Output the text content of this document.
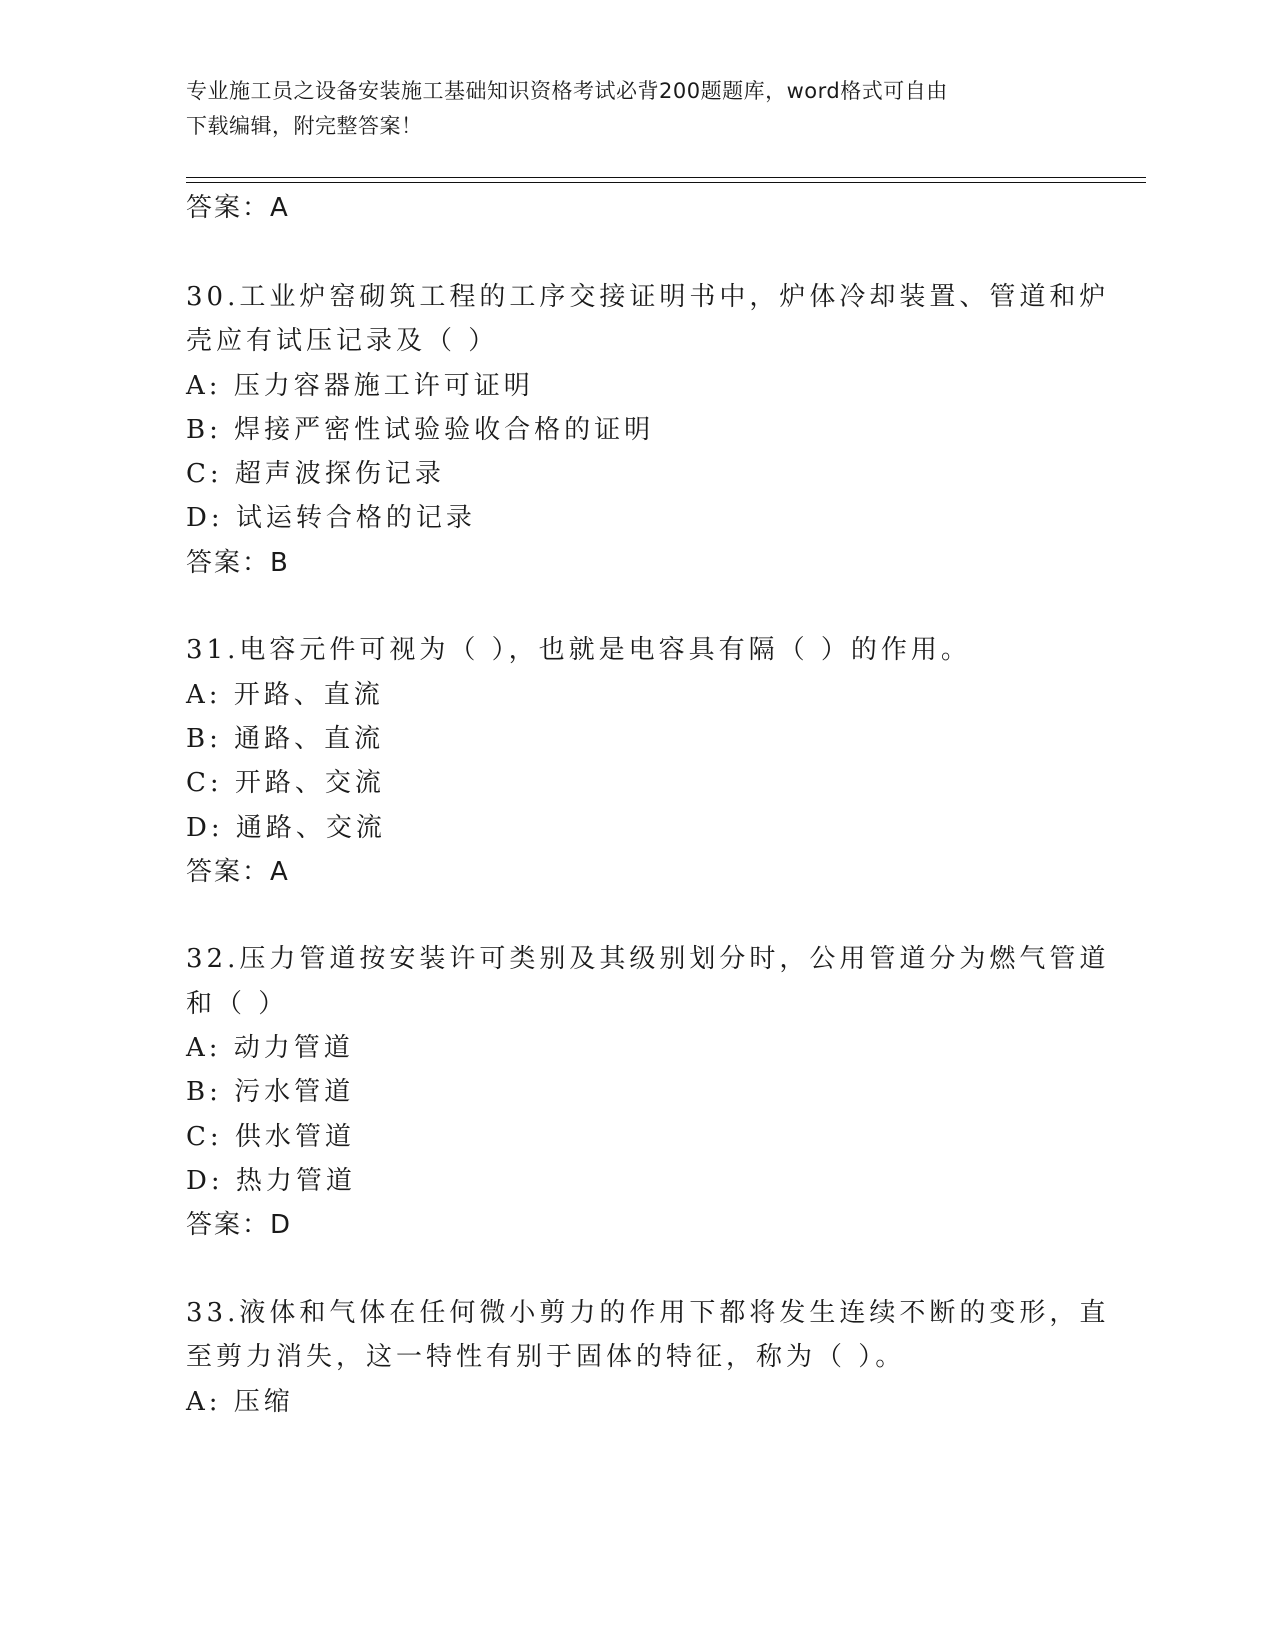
专业施工员之设备安装施工基础知识资格考试必背200题题库，word格式可自由
下载编辑，附完整答案！
答案：A
30.工业炉窑砌筑工程的工序交接证明书中，炉体冷却装置、管道和炉
壳应有试压记录及（ ）
A: 压力容器施工许可证明
B: 焊接严密性试验验收合格的证明
C: 超声波探伤记录
D: 试运转合格的记录
答案：B
31.电容元件可视为（ ），也就是电容具有隔（ ）的作用。
A: 开路、直流
B: 通路、直流
C: 开路、交流
D: 通路、交流
答案：A
32.压力管道按安装许可类别及其级别划分时，公用管道分为燃气管道
和（ ）
A: 动力管道
B: 污水管道
C: 供水管道
D: 热力管道
答案：D
33.液体和气体在任何微小剪力的作用下都将发生连续不断的变形，直
至剪力消失，这一特性有别于固体的特征，称为（ ）。
A: 压缩
